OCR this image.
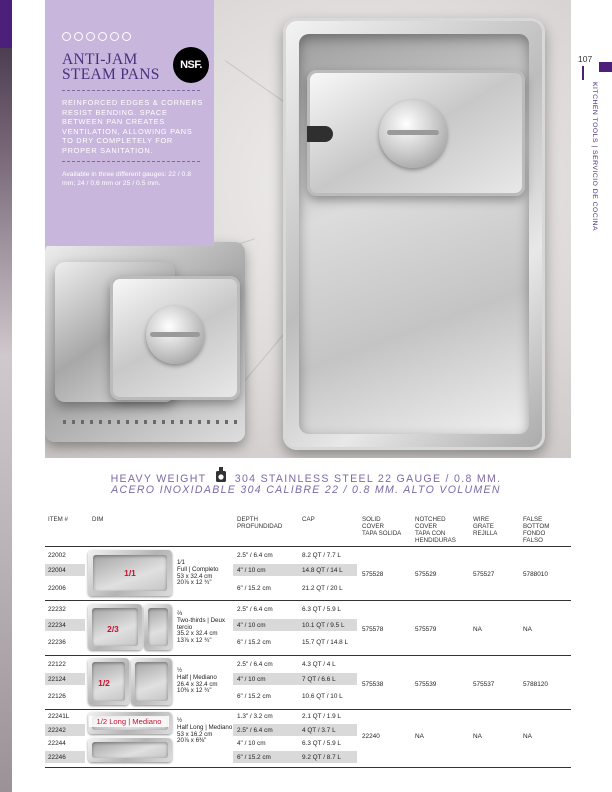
ANTI-JAM
STEAM PANS
NSF.
REINFORCED EDGES & CORNERS RESIST BENDING. SPACE BETWEEN PAN CREATES VENTILATION, ALLOWING PANS TO DRY COMPLETELY FOR PROPER SANITATION.
Available in three different gauges: 22 / 0.8 mm; 24 / 0.6 mm or 25 / 0.5 mm.
107
KITCHEN TOOLS | SERVICIO DE COCINA
HEAVY WEIGHT	304 STAINLESS STEEL 22 GAUGE / 0.8 MM.
ACERO INOXIDABLE 304 CALIBRE 22 / 0.8 MM. ALTO VOLUMEN
ITEM #	DIM	DEPTH
PROFUNDIDAD
CAP	SOLID
COVER
TAPA SOLIDA
NOTCHED
COVER
TAPA CON
HENDIDURAS
WIRE
GRATE
REJILLA
FALSE
BOTTOM
FONDO
FALSO
1/1
1⁄1
Full | Completo
53 x 32.4 cm
20⅞ x 12 ¾"
22002	2.5" / 6.4 cm	8.2 QT / 7.7 L
22004	4" / 10 cm	14.8 QT / 14 L
22006	6" / 15.2 cm	21.2 QT / 20 L
575528	575529	575527	5788010
2/3
⅔
Two-thirds | Deux tercio
35.2 x 32.4 cm
13⅞ x 12 ¾"
22232	2.5" / 6.4 cm	6.3 QT / 5.9 L
22234	4" / 10 cm	10.1 QT / 9.5 L
22236	6" / 15.2 cm	15.7 QT / 14.8 L
575578	575579	NA	NA
1/2
½
Half | Mediano
26.4 x 32.4 cm
10⅜ x 12 ¾"
22122	2.5" / 6.4 cm	4.3 QT / 4 L
22124	4" / 10 cm	7 QT / 6.6 L
22126	6" / 15.2 cm	10.6 QT / 10 L
575538	575539	575537	5788120
1/2 Long | Mediano	½
Half Long | Mediano
53 x 16.2 cm
20⅞ x 6⅜"
22241L	1.3" / 3.2 cm	2.1 QT / 1.9 L
22242	2.5" / 6.4 cm	4 QT / 3.7 L
22244	4" / 10 cm	6.3 QT / 5.9 L
22246	6" / 15.2 cm	9.2 QT / 8.7 L
22240	NA	NA	NA
